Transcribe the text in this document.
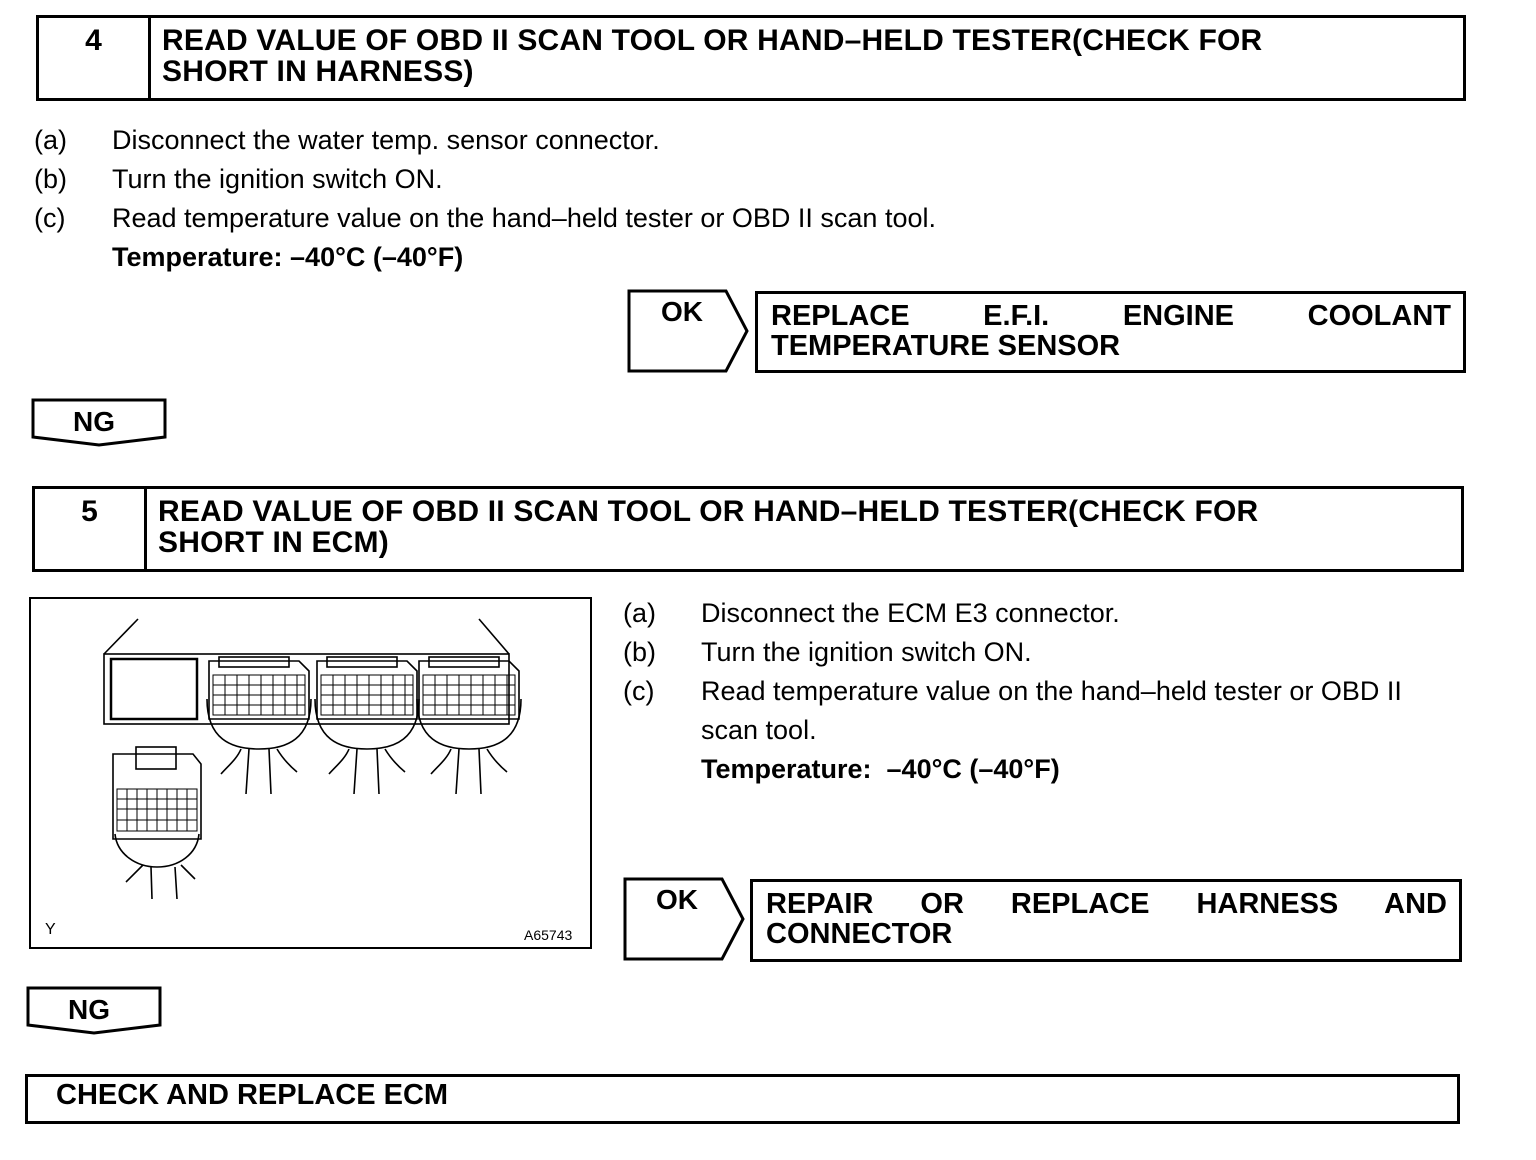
4	READ VALUE OF OBD II SCAN TOOL OR HAND–HELD TESTER(CHECK FOR
SHORT IN HARNESS)
(a)	Disconnect the water temp. sensor connector.
(b)	Turn the ignition switch ON.
(c)	Read temperature value on the hand–held tester or OBD II scan tool.
Temperature: –40°C (–40°F)
OK REPLACE E.F.I. ENGINE COOLANT
TEMPERATURE SENSOR
NG
5	READ VALUE OF OBD II SCAN TOOL OR HAND–HELD TESTER(CHECK FOR
SHORT IN ECM)
Y	A65743
(a)	Disconnect the ECM E3 connector.
(b)	Turn the ignition switch ON.
(c)	Read temperature value on the hand–held tester or OBD II scan tool.
Temperature:  –40°C (–40°F)
OK REPAIR OR REPLACE HARNESS AND
CONNECTOR
NG
CHECK AND REPLACE ECM
